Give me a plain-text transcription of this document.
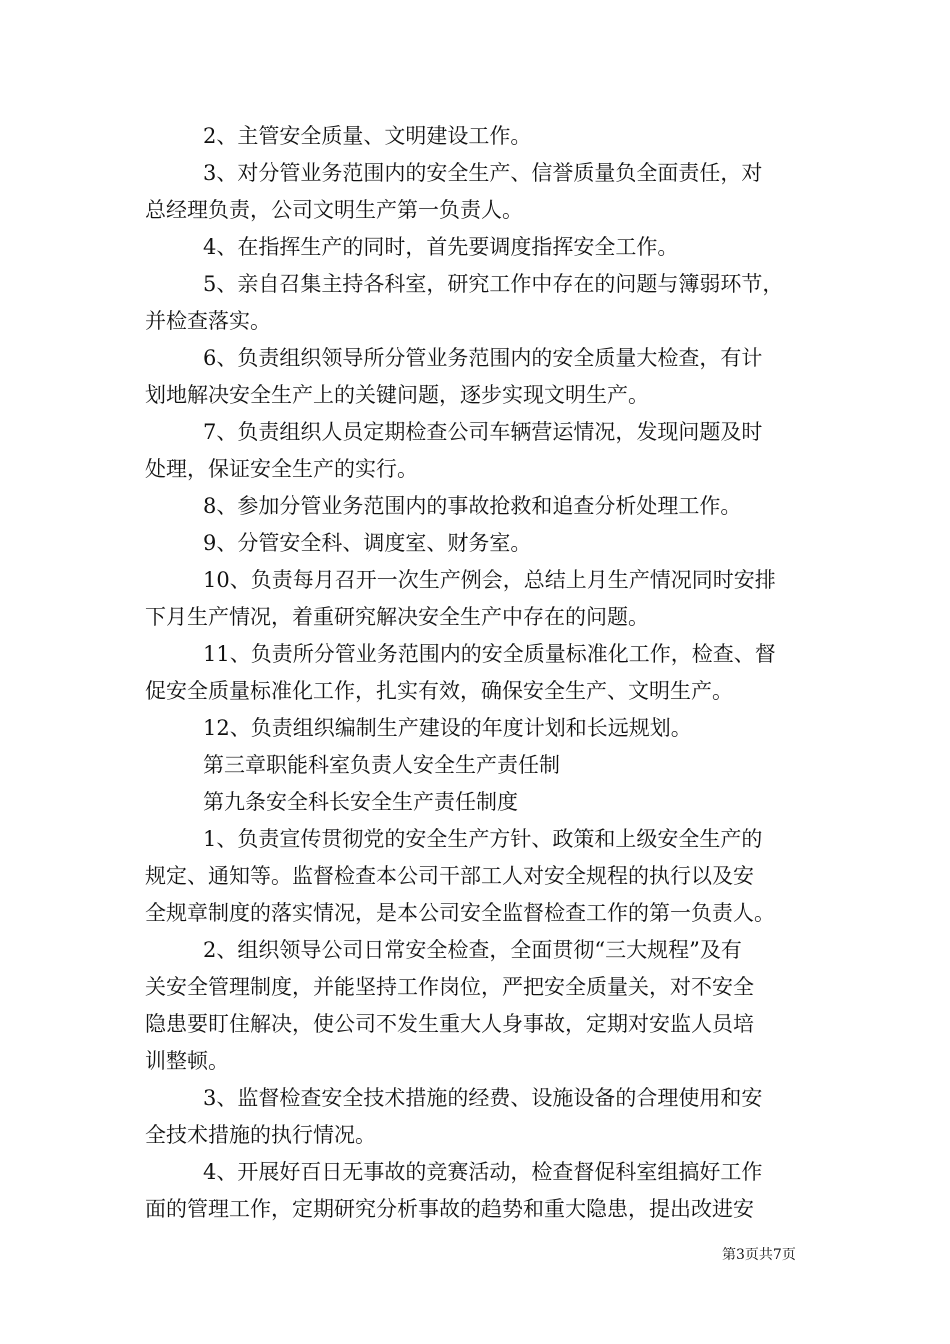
2、主管安全质量、文明建设工作。
3、对分管业务范围内的安全生产、信誉质量负全面责任，对
总经理负责，公司文明生产第一负责人。
4、在指挥生产的同时，首先要调度指挥安全工作。
5、亲自召集主持各科室，研究工作中存在的问题与簿弱环节，
并检查落实。
6、负责组织领导所分管业务范围内的安全质量大检查，有计
划地解决安全生产上的关键问题，逐步实现文明生产。
7、负责组织人员定期检查公司车辆营运情况，发现问题及时
处理，保证安全生产的实行。
8、参加分管业务范围内的事故抢救和追查分析处理工作。
9、分管安全科、调度室、财务室。
10、负责每月召开一次生产例会，总结上月生产情况同时安排
下月生产情况，着重研究解决安全生产中存在的问题。
11、负责所分管业务范围内的安全质量标准化工作，检查、督
促安全质量标准化工作，扎实有效，确保安全生产、文明生产。
12、负责组织编制生产建设的年度计划和长远规划。
第三章职能科室负责人安全生产责任制
第九条安全科长安全生产责任制度
1、负责宣传贯彻党的安全生产方针、政策和上级安全生产的
规定、通知等。监督检查本公司干部工人对安全规程的执行以及安
全规章制度的落实情况，是本公司安全监督检查工作的第一负责人。
2、组织领导公司日常安全检查，全面贯彻“三大规程”及有
关安全管理制度，并能坚持工作岗位，严把安全质量关，对不安全
隐患要盯住解决，使公司不发生重大人身事故，定期对安监人员培
训整顿。
3、监督检查安全技术措施的经费、设施设备的合理使用和安
全技术措施的执行情况。
4、开展好百日无事故的竞赛活动，检查督促科室组搞好工作
面的管理工作，定期研究分析事故的趋势和重大隐患，提出改进安
第3页共7页
